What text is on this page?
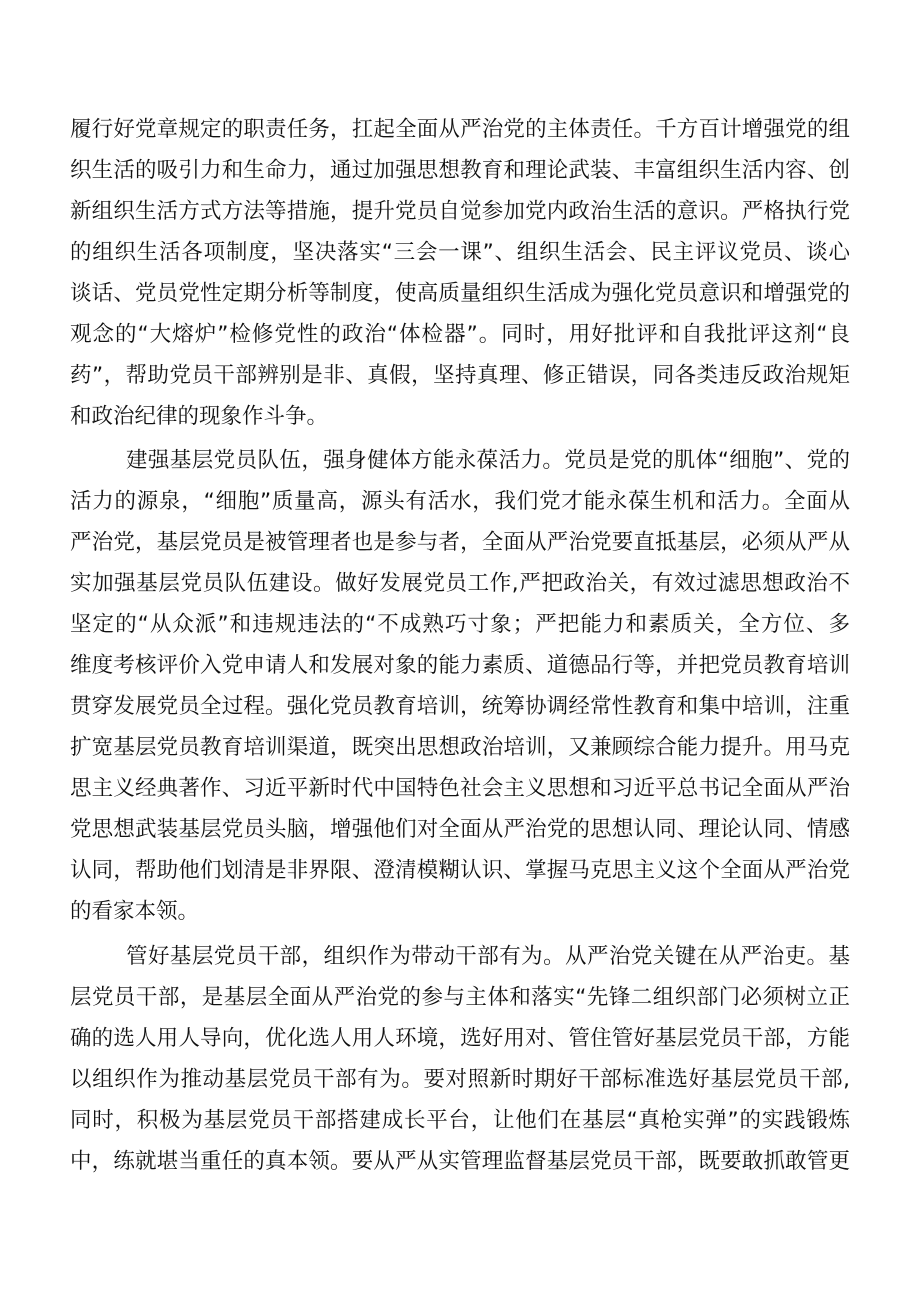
履行好党章规定的职责任务，扛起全面从严治党的主体责任。千方百计增强党的组
织生活的吸引力和生命力，通过加强思想教育和理论武装、丰富组织生活内容、创
新组织生活方式方法等措施，提升党员自觉参加党内政治生活的意识。严格执行党
的组织生活各项制度，坚决落实“三会一课”、组织生活会、民主评议党员、谈心
谈话、党员党性定期分析等制度，使高质量组织生活成为强化党员意识和增强党的
观念的“大熔炉”检修党性的政治“体检器”。同时，用好批评和自我批评这剂“良
药”，帮助党员干部辨别是非、真假，坚持真理、修正错误，同各类违反政治规矩
和政治纪律的现象作斗争。
建强基层党员队伍，强身健体方能永葆活力。党员是党的肌体“细胞”、党的
活力的源泉，“细胞”质量高，源头有活水，我们党才能永葆生机和活力。全面从
严治党，基层党员是被管理者也是参与者，全面从严治党要直抵基层，必须从严从
实加强基层党员队伍建设。做好发展党员工作,严把政治关，有效过滤思想政治不
坚定的“从众派”和违规违法的“不成熟巧寸象；严把能力和素质关，全方位、多
维度考核评价入党申请人和发展对象的能力素质、道德品行等，并把党员教育培训
贯穿发展党员全过程。强化党员教育培训，统筹协调经常性教育和集中培训，注重
扩宽基层党员教育培训渠道，既突出思想政治培训，又兼顾综合能力提升。用马克
思主义经典著作、习近平新时代中国特色社会主义思想和习近平总书记全面从严治
党思想武装基层党员头脑，增强他们对全面从严治党的思想认同、理论认同、情感
认同，帮助他们划清是非界限、澄清模糊认识、掌握马克思主义这个全面从严治党
的看家本领。
管好基层党员干部，组织作为带动干部有为。从严治党关键在从严治吏。基
层党员干部，是基层全面从严治党的参与主体和落实“先锋二组织部门必须树立正
确的选人用人导向，优化选人用人环境，选好用对、管住管好基层党员干部，方能
以组织作为推动基层党员干部有为。要对照新时期好干部标准选好基层党员干部,
同时，积极为基层党员干部搭建成长平台，让他们在基层“真枪实弹”的实践锻炼
中，练就堪当重任的真本领。要从严从实管理监督基层党员干部，既要敢抓敢管更
